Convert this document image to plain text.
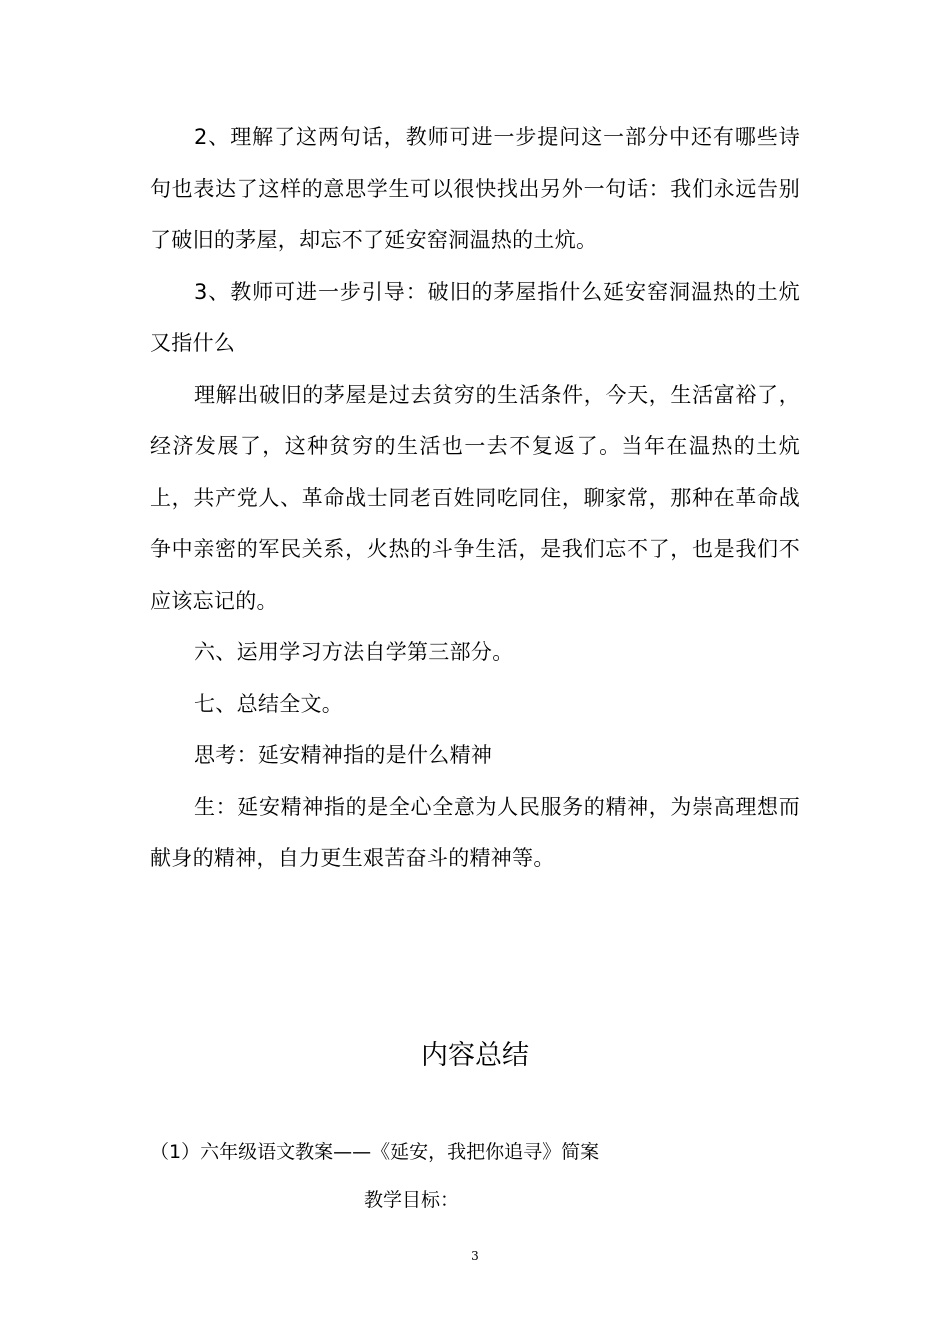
2、理解了这两句话，教师可进一步提问这一部分中还有哪些诗句也表达了这样的意思学生可以很快找出另外一句话：我们永远告别了破旧的茅屋，却忘不了延安窑洞温热的土炕。

3、教师可进一步引导：破旧的茅屋指什么延安窑洞温热的土炕又指什么

理解出破旧的茅屋是过去贫穷的生活条件，今天，生活富裕了，经济发展了，这种贫穷的生活也一去不复返了。当年在温热的土炕上，共产党人、革命战士同老百姓同吃同住，聊家常，那种在革命战争中亲密的军民关系，火热的斗争生活，是我们忘不了，也是我们不应该忘记的。

六、运用学习方法自学第三部分。

七、总结全文。

思考：延安精神指的是什么精神

生：延安精神指的是全心全意为人民服务的精神，为崇高理想而献身的精神，自力更生艰苦奋斗的精神等。

内容总结

（1）六年级语文教案——《延安，我把你追寻》简案

教学目标：

3
